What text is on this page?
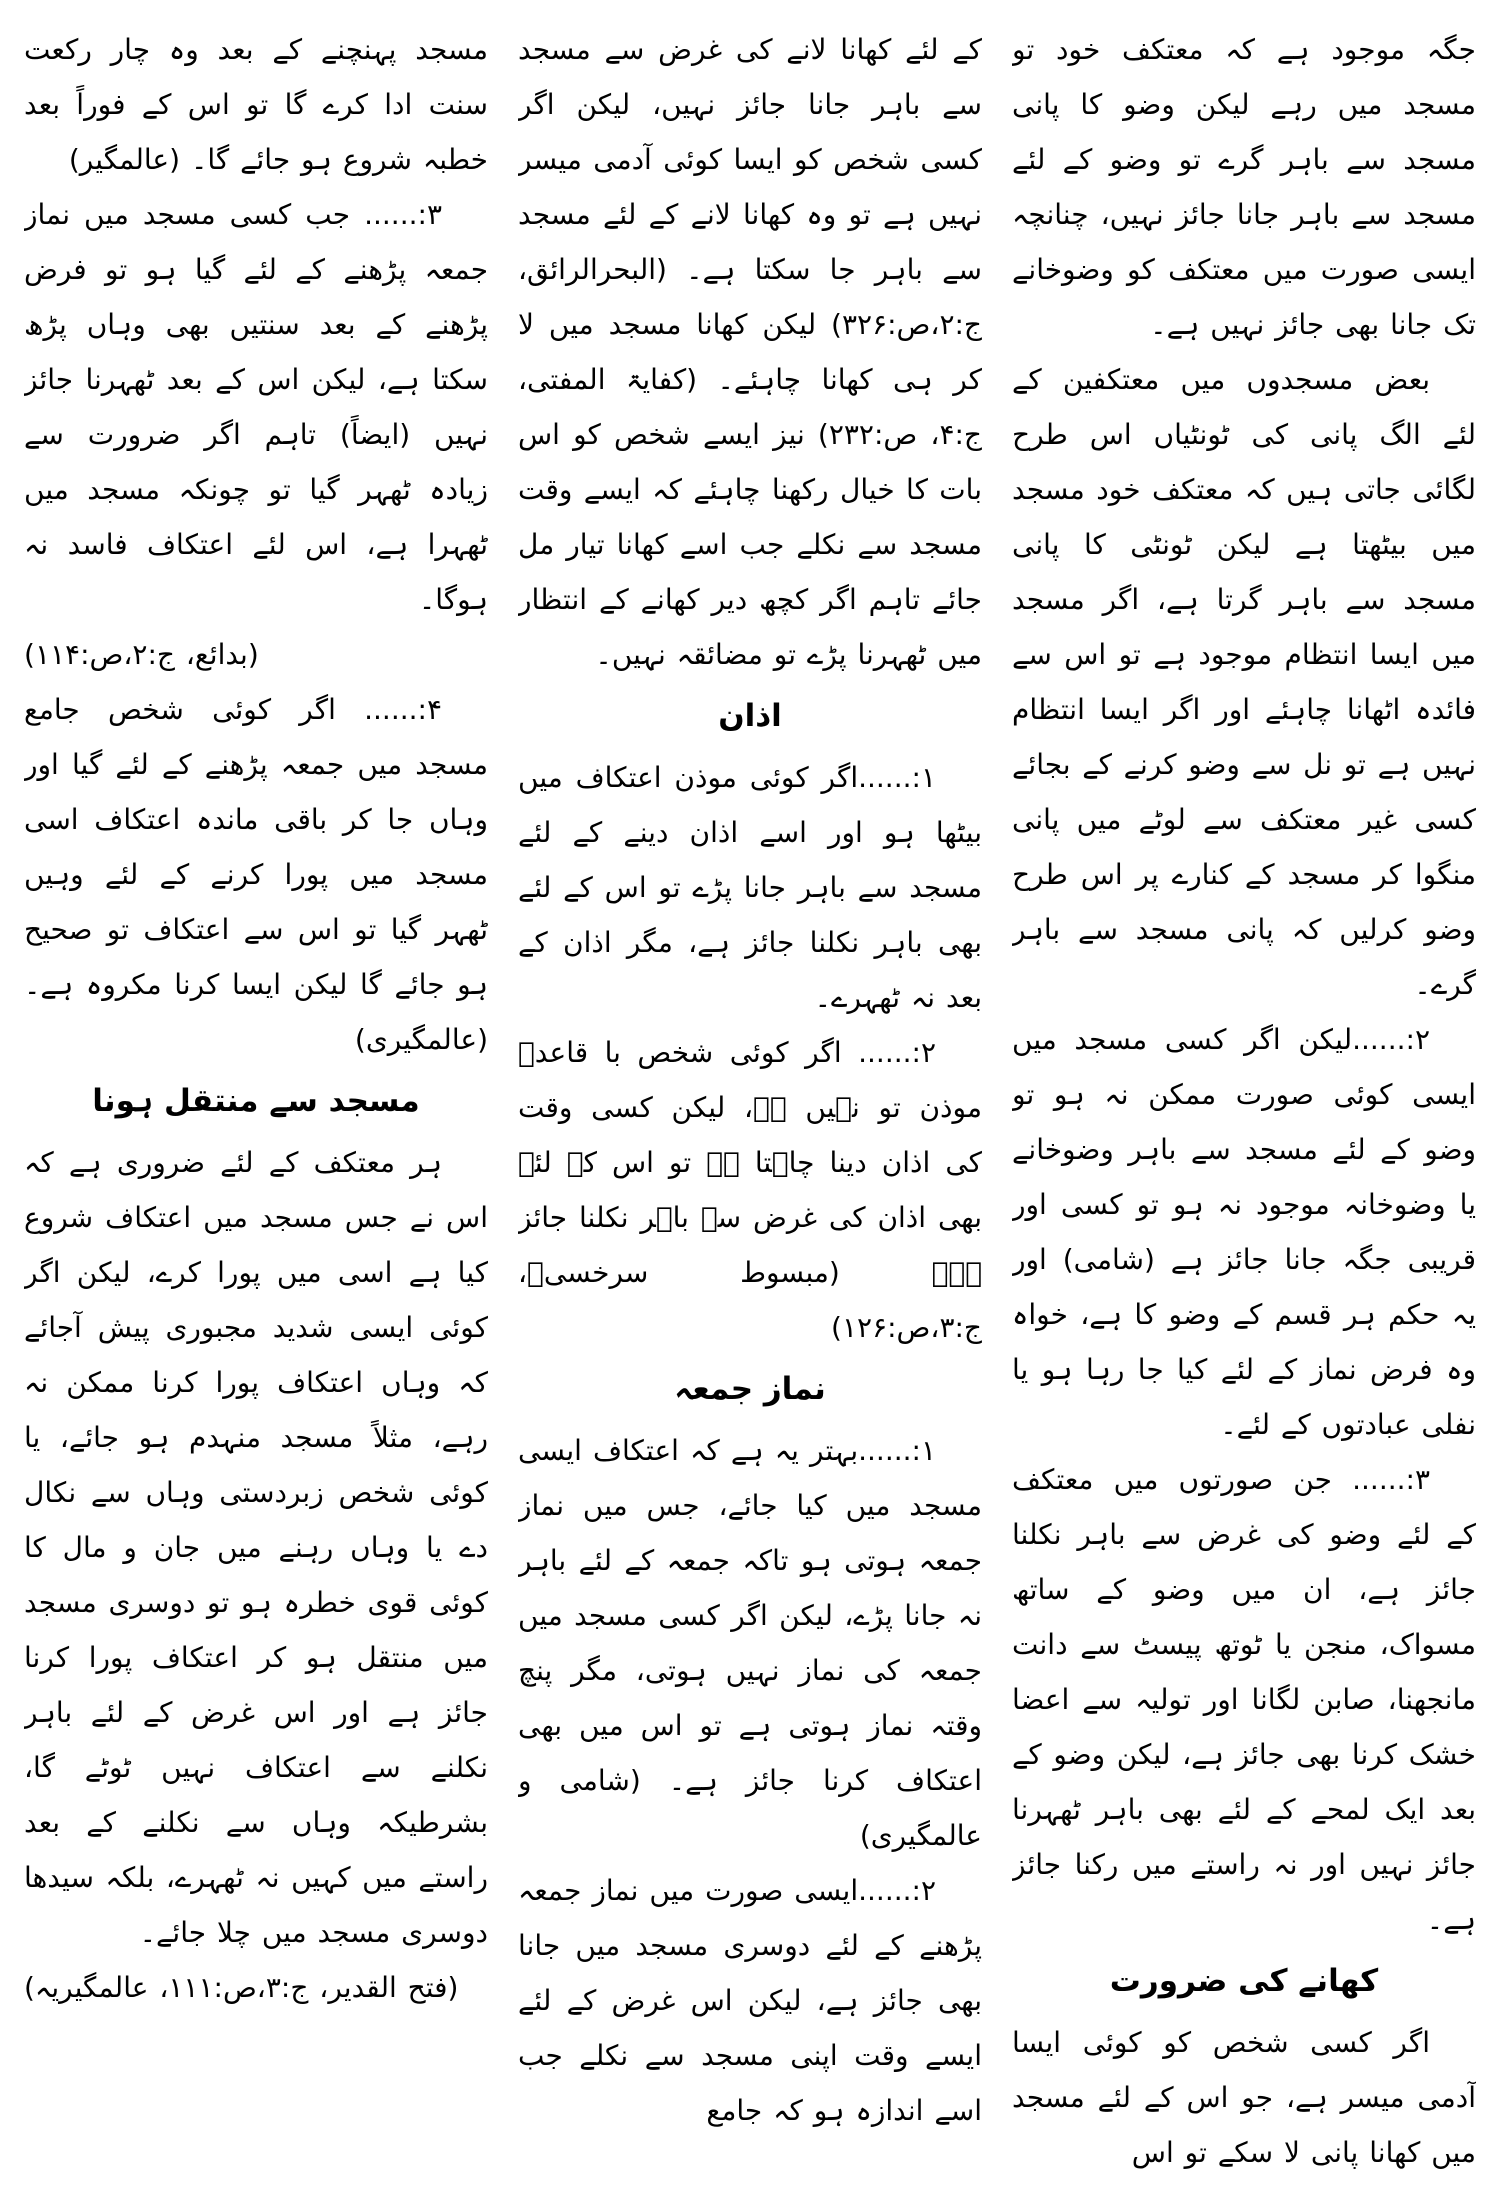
جگہ موجود ہے کہ معتکف خود تو مسجد میں رہے لیکن وضو کا پانی مسجد سے باہر گرے تو وضو کے لئے مسجد سے باہر جانا جائز نہیں، چنانچہ ایسی صورت میں معتکف کو وضوخانے تک جانا بھی جائز نہیں ہے۔

بعض مسجدوں میں معتکفین کے لئے الگ پانی کی ٹونٹیاں اس طرح لگائی جاتی ہیں کہ معتکف خود مسجد میں بیٹھتا ہے لیکن ٹونٹی کا پانی مسجد سے باہر گرتا ہے، اگر مسجد میں ایسا انتظام موجود ہے تو اس سے فائدہ اٹھانا چاہئے اور اگر ایسا انتظام نہیں ہے تو نل سے وضو کرنے کے بجائے کسی غیر معتکف سے لوٹے میں پانی منگوا کر مسجد کے کنارے پر اس طرح وضو کرلیں کہ پانی مسجد سے باہر گرے۔

۲:......لیکن اگر کسی مسجد میں ایسی کوئی صورت ممکن نہ ہو تو وضو کے لئے مسجد سے باہر وضوخانے یا وضوخانہ موجود نہ ہو تو کسی اور قریبی جگہ جانا جائز ہے (شامی) اور یہ حکم ہر قسم کے وضو کا ہے، خواہ وہ فرض نماز کے لئے کیا جا رہا ہو یا نفلی عبادتوں کے لئے۔

۳:...... جن صورتوں میں معتکف کے لئے وضو کی غرض سے باہر نکلنا جائز ہے، ان میں وضو کے ساتھ مسواک، منجن یا ٹوتھ پیسٹ سے دانت مانجھنا، صابن لگانا اور تولیہ سے اعضا خشک کرنا بھی جائز ہے، لیکن وضو کے بعد ایک لمحے کے لئے بھی باہر ٹھہرنا جائز نہیں اور نہ راستے میں رکنا جائز ہے۔

کھانے کی ضرورت

اگر کسی شخص کو کوئی ایسا آدمی میسر ہے، جو اس کے لئے مسجد میں کھانا پانی لا سکے تو اس

کے لئے کھانا لانے کی غرض سے مسجد سے باہر جانا جائز نہیں، لیکن اگر کسی شخص کو ایسا کوئی آدمی میسر نہیں ہے تو وہ کھانا لانے کے لئے مسجد سے باہر جا سکتا ہے۔ (البحرالرائق، ج:۲،ص:۳۲۶) لیکن کھانا مسجد میں لا کر ہی کھانا چاہئے۔ (کفایۃ المفتی، ج:۴، ص:۲۳۲) نیز ایسے شخص کو اس بات کا خیال رکھنا چاہئے کہ ایسے وقت مسجد سے نکلے جب اسے کھانا تیار مل جائے تاہم اگر کچھ دیر کھانے کے انتظار میں ٹھہرنا پڑے تو مضائقہ نہیں۔

اذان

۱:......اگر کوئی موذن اعتکاف میں بیٹھا ہو اور اسے اذان دینے کے لئے مسجد سے باہر جانا پڑے تو اس کے لئے بھی باہر نکلنا جائز ہے، مگر اذان کے بعد نہ ٹھہرے۔

۲:...... اگر کوئی شخص با قاعدہ موذن تو نہیں ہے، لیکن کسی وقت کی اذان دینا چاہتا ہے تو اس کے لئے بھی اذان کی غرض سے باہر نکلنا جائز ہے۔ (مبسوط سرخسیؒ، ج:۳،ص:۱۲۶)

نماز جمعہ

۱:......بہتر یہ ہے کہ اعتکاف ایسی مسجد میں کیا جائے، جس میں نماز جمعہ ہوتی ہو تاکہ جمعہ کے لئے باہر نہ جانا پڑے، لیکن اگر کسی مسجد میں جمعہ کی نماز نہیں ہوتی، مگر پنچ وقتہ نماز ہوتی ہے تو اس میں بھی اعتکاف کرنا جائز ہے۔ (شامی و عالمگیری)

۲:......ایسی صورت میں نماز جمعہ پڑھنے کے لئے دوسری مسجد میں جانا بھی جائز ہے، لیکن اس غرض کے لئے ایسے وقت اپنی مسجد سے نکلے جب اسے اندازہ ہو کہ جامع

مسجد پہنچنے کے بعد وہ چار رکعت سنت ادا کرے گا تو اس کے فوراً بعد خطبہ شروع ہو جائے گا۔ (عالمگیر)

۳:...... جب کسی مسجد میں نماز جمعہ پڑھنے کے لئے گیا ہو تو فرض پڑھنے کے بعد سنتیں بھی وہاں پڑھ سکتا ہے، لیکن اس کے بعد ٹھہرنا جائز نہیں (ایضاً) تاہم اگر ضرورت سے زیادہ ٹھہر گیا تو چونکہ مسجد میں ٹھہرا ہے، اس لئے اعتکاف فاسد نہ ہوگا۔

(بدائع، ج:۲،ص:۱۱۴)

۴:...... اگر کوئی شخص جامع مسجد میں جمعہ پڑھنے کے لئے گیا اور وہاں جا کر باقی ماندہ اعتکاف اسی مسجد میں پورا کرنے کے لئے وہیں ٹھہر گیا تو اس سے اعتکاف تو صحیح ہو جائے گا لیکن ایسا کرنا مکروہ ہے۔ (عالمگیری)

مسجد سے منتقل ہونا

ہر معتکف کے لئے ضروری ہے کہ اس نے جس مسجد میں اعتکاف شروع کیا ہے اسی میں پورا کرے، لیکن اگر کوئی ایسی شدید مجبوری پیش آجائے کہ وہاں اعتکاف پورا کرنا ممکن نہ رہے، مثلاً مسجد منہدم ہو جائے، یا کوئی شخص زبردستی وہاں سے نکال دے یا وہاں رہنے میں جان و مال کا کوئی قوی خطرہ ہو تو دوسری مسجد میں منتقل ہو کر اعتکاف پورا کرنا جائز ہے اور اس غرض کے لئے باہر نکلنے سے اعتکاف نہیں ٹوٹے گا، بشرطیکہ وہاں سے نکلنے کے بعد راستے میں کہیں نہ ٹھہرے، بلکہ سیدھا دوسری مسجد میں چلا جائے۔

(فتح القدیر، ج:۳،ص:۱۱۱، عالمگیریہ)
